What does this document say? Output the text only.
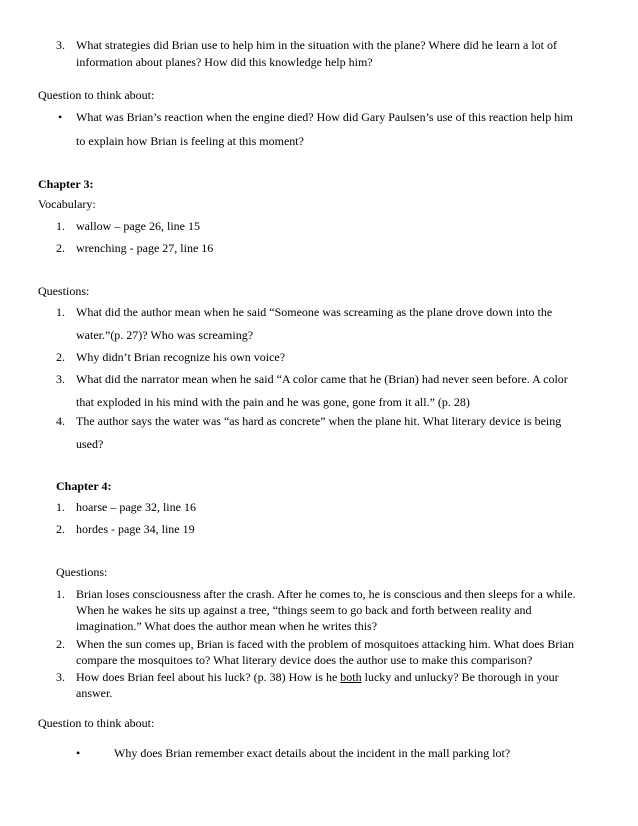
3. What strategies did Brian use to help him in the situation with the plane? Where did he learn a lot of
information about planes? How did this knowledge help him?
Question to think about:
• What was Brian’s reaction when the engine died? How did Gary Paulsen’s use of this reaction help him
to explain how Brian is feeling at this moment?
Chapter 3:
Vocabulary:
1. wallow – page 26, line 15
2. wrenching - page 27, line 16
Questions:
1. What did the author mean when he said “Someone was screaming as the plane drove down into the
water.”(p. 27)? Who was screaming?
2. Why didn’t Brian recognize his own voice?
3. What did the narrator mean when he said “A color came that he (Brian) had never seen before. A color
that exploded in his mind with the pain and he was gone, gone from it all.” (p. 28)
4. The author says the water was “as hard as concrete” when the plane hit. What literary device is being
used?
Chapter 4:
1. hoarse – page 32, line 16
2. hordes - page 34, line 19
Questions:
1. Brian loses consciousness after the crash. After he comes to, he is conscious and then sleeps for a while.
When he wakes he sits up against a tree, “things seem to go back and forth between reality and
imagination.” What does the author mean when he writes this?
2. When the sun comes up, Brian is faced with the problem of mosquitoes attacking him. What does Brian
compare the mosquitoes to? What literary device does the author use to make this comparison?
3. How does Brian feel about his luck? (p. 38) How is he both lucky and unlucky? Be thorough in your
answer.
Question to think about:
•	Why does Brian remember exact details about the incident in the mall parking lot?
